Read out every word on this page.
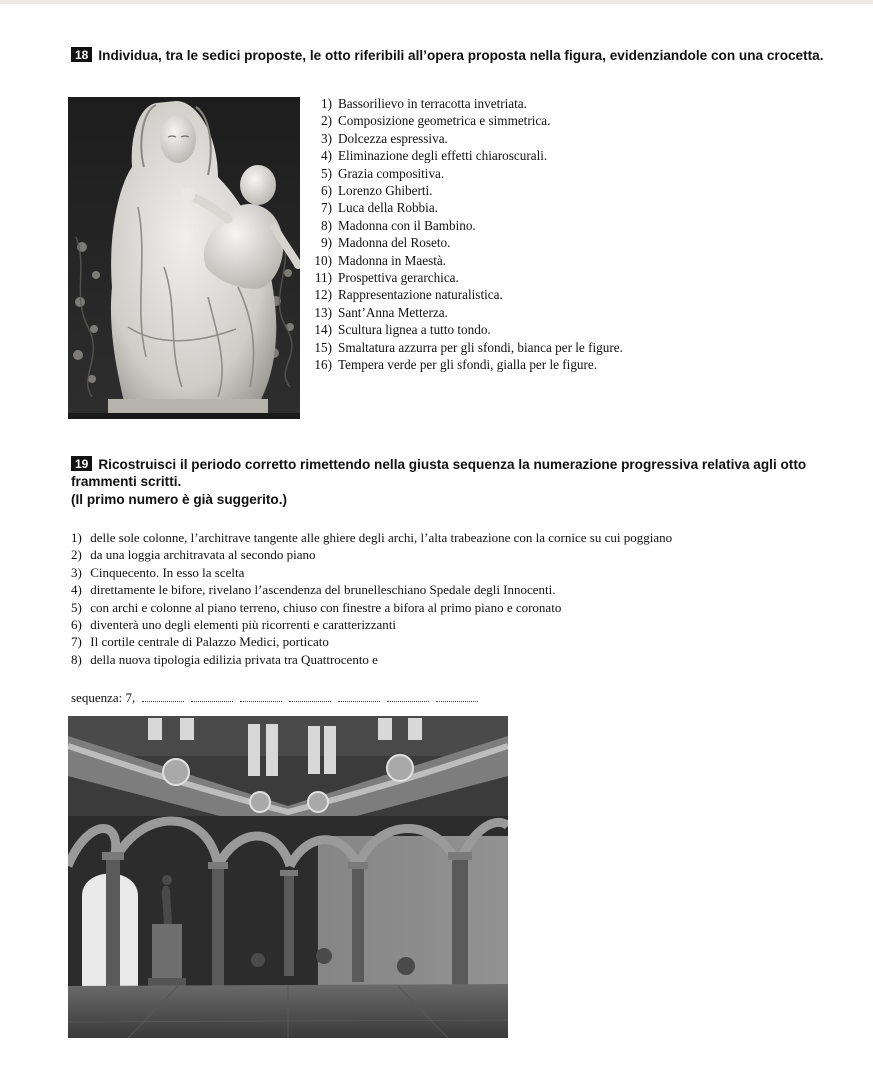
18 Individua, tra le sedici proposte, le otto riferibili all’opera proposta nella figura, evidenziandole con una crocetta.
1) Bassorilievo in terracotta invetriata.
2) Composizione geometrica e simmetrica.
3) Dolcezza espressiva.
4) Eliminazione degli effetti chiaroscurali.
5) Grazia compositiva.
6) Lorenzo Ghiberti.
7) Luca della Robbia.
8) Madonna con il Bambino.
9) Madonna del Roseto.
10) Madonna in Maestà.
11) Prospettiva gerarchica.
12) Rappresentazione naturalistica.
13) Sant’Anna Metterza.
14) Scultura lignea a tutto tondo.
15) Smaltatura azzurra per gli sfondi, bianca per le figure.
16) Tempera verde per gli sfondi, gialla per le figure.
19 Ricostruisci il periodo corretto rimettendo nella giusta sequenza la numerazione progressiva relativa agli otto frammenti scritti.
(Il primo numero è già suggerito.)
1) delle sole colonne, l’architrave tangente alle ghiere degli archi, l’alta trabeazione con la cornice su cui poggiano
2) da una loggia architravata al secondo piano
3) Cinquecento. In esso la scelta
4) direttamente le bifore, rivelano l’ascendenza del brunelleschiano Spedale degli Innocenti.
5) con archi e colonne al piano terreno, chiuso con finestre a bifora al primo piano e coronato
6) diventerà uno degli elementi più ricorrenti e caratterizzanti
7) Il cortile centrale di Palazzo Medici, porticato
8) della nuova tipologia edilizia privata tra Quattrocento e
sequenza: 7,
